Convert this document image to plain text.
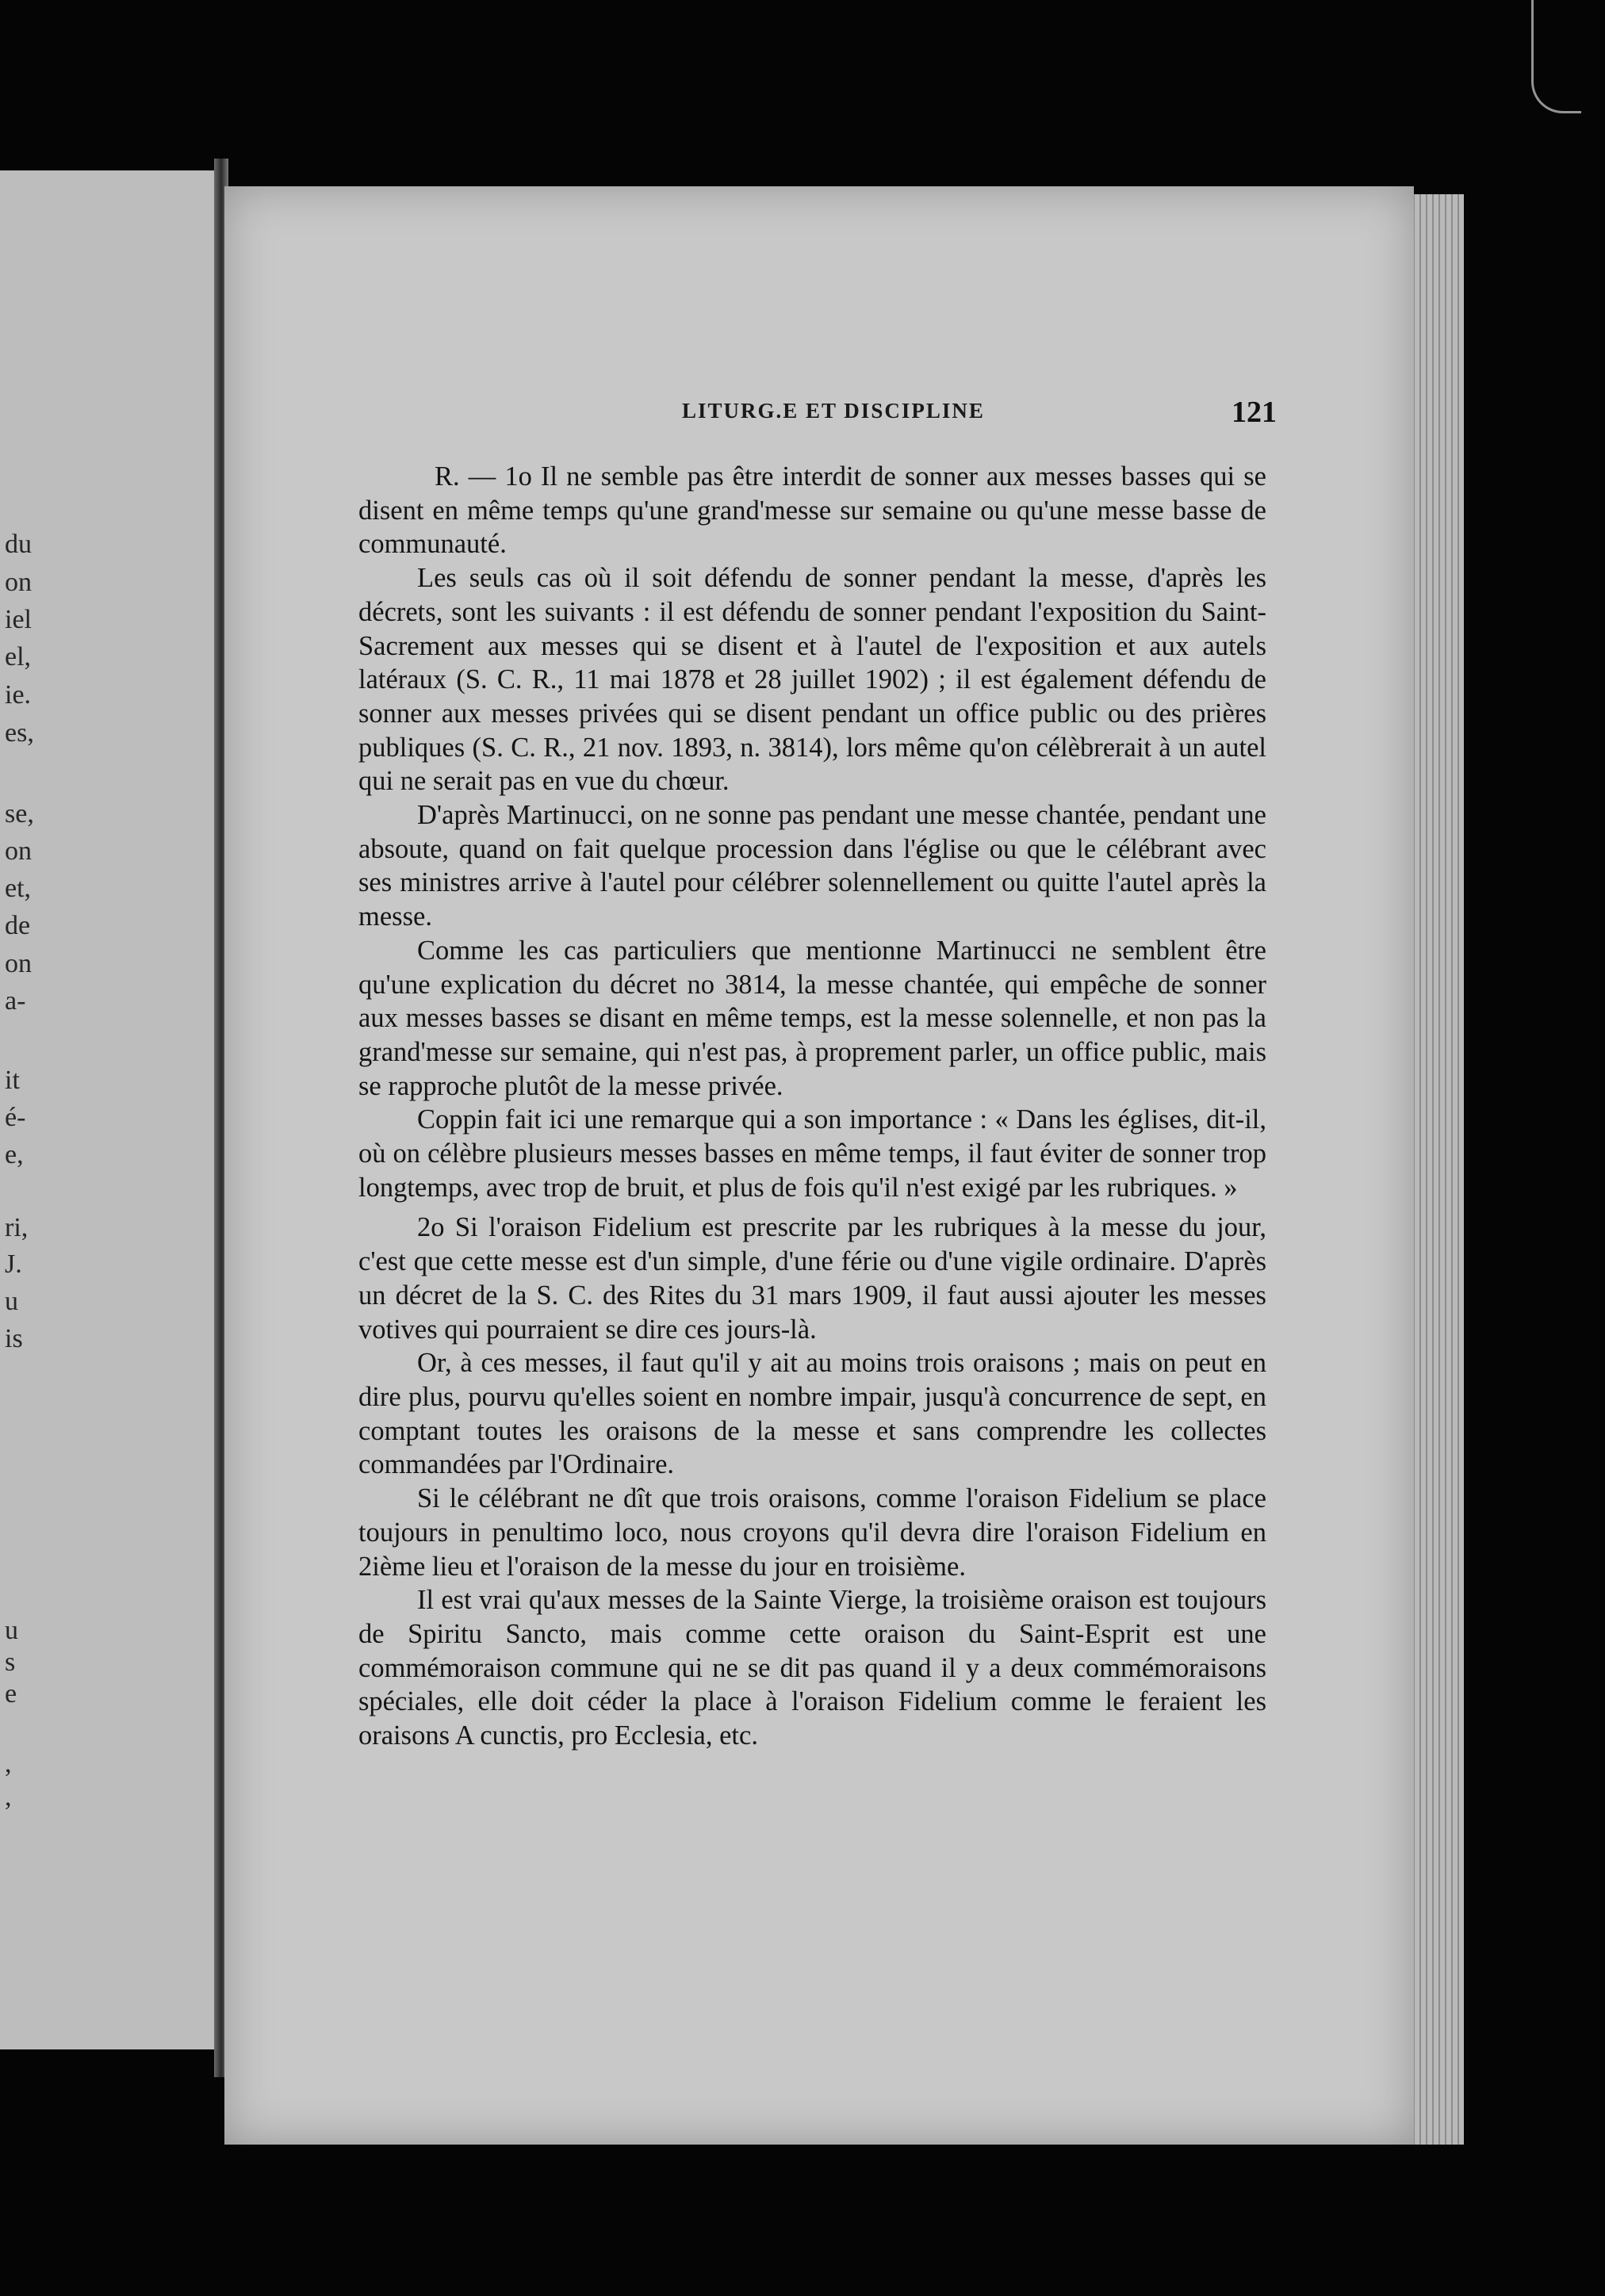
du
on
iel
el,
ie.
es,
se,
on
et,
de
on
a-
it
é-
e,
ri,
J.
u
is
u
s
e
,
,
LITURG.E ET DISCIPLINE	121

R. — 1o Il ne semble pas être interdit de sonner aux messes basses qui se disent en même temps qu'une grand'messe sur semaine ou qu'une messe basse de communauté.

Les seuls cas où il soit défendu de sonner pendant la messe, d'après les décrets, sont les suivants : il est défendu de sonner pendant l'exposition du Saint-Sacrement aux messes qui se disent et à l'autel de l'exposition et aux autels latéraux (S. C. R., 11 mai 1878 et 28 juillet 1902) ; il est également défendu de sonner aux messes privées qui se disent pendant un office public ou des prières publiques (S. C. R., 21 nov. 1893, n. 3814), lors même qu'on célèbrerait à un autel qui ne serait pas en vue du chœur.

D'après Martinucci, on ne sonne pas pendant une messe chantée, pendant une absoute, quand on fait quelque procession dans l'église ou que le célébrant avec ses ministres arrive à l'autel pour célébrer solennellement ou quitte l'autel après la messe.

Comme les cas particuliers que mentionne Martinucci ne semblent être qu'une explication du décret no 3814, la messe chantée, qui empêche de sonner aux messes basses se disant en même temps, est la messe solennelle, et non pas la grand'messe sur semaine, qui n'est pas, à proprement parler, un office public, mais se rapproche plutôt de la messe privée.

Coppin fait ici une remarque qui a son importance : « Dans les églises, dit-il, où on célèbre plusieurs messes basses en même temps, il faut éviter de sonner trop longtemps, avec trop de bruit, et plus de fois qu'il n'est exigé par les rubriques. »

2o Si l'oraison Fidelium est prescrite par les rubriques à la messe du jour, c'est que cette messe est d'un simple, d'une férie ou d'une vigile ordinaire. D'après un décret de la S. C. des Rites du 31 mars 1909, il faut aussi ajouter les messes votives qui pourraient se dire ces jours-là.

Or, à ces messes, il faut qu'il y ait au moins trois oraisons ; mais on peut en dire plus, pourvu qu'elles soient en nombre impair, jusqu'à concurrence de sept, en comptant toutes les oraisons de la messe et sans comprendre les collectes commandées par l'Ordinaire.

Si le célébrant ne dît que trois oraisons, comme l'oraison Fidelium se place toujours in penultimo loco, nous croyons qu'il devra dire l'oraison Fidelium en 2ième lieu et l'oraison de la messe du jour en troisième.

Il est vrai qu'aux messes de la Sainte Vierge, la troisième oraison est toujours de Spiritu Sancto, mais comme cette oraison du Saint-Esprit est une commémoraison commune qui ne se dit pas quand il y a deux commémoraisons spéciales, elle doit céder la place à l'oraison Fidelium comme le feraient les oraisons A cunctis, pro Ecclesia, etc.
